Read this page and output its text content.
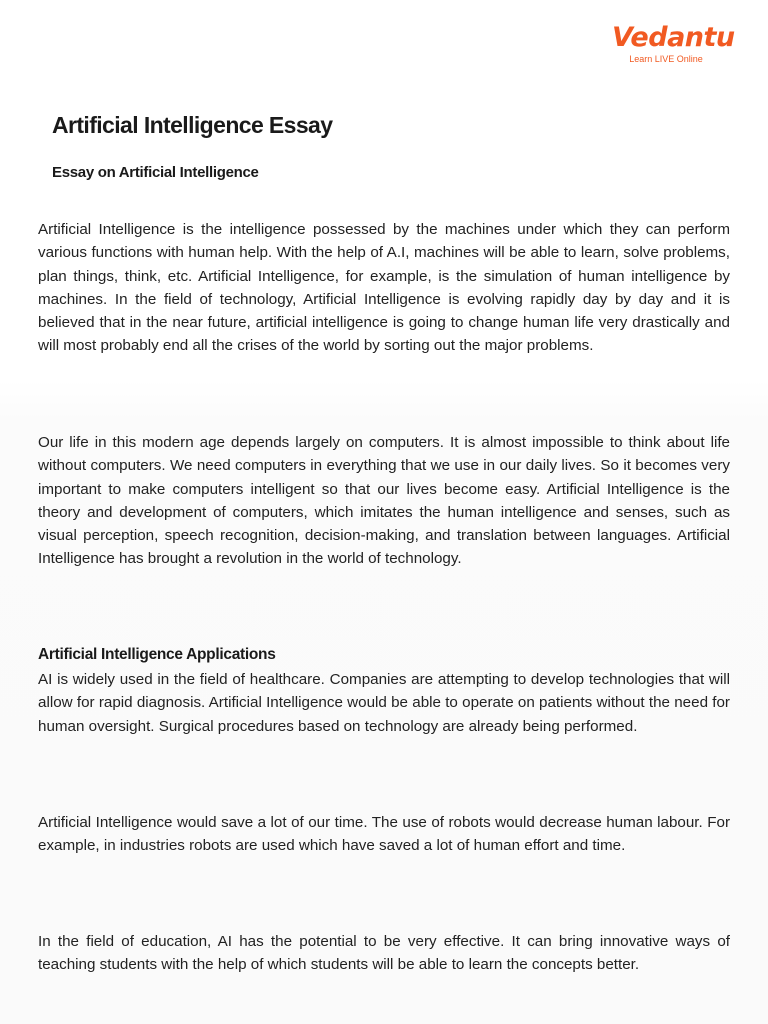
Vedantu
Learn LIVE Online
Artificial Intelligence Essay
Essay on Artificial Intelligence

Artificial Intelligence is the intelligence possessed by the machines under which they can perform various functions with human help. With the help of A.I, machines will be able to learn, solve problems, plan things, think, etc. Artificial Intelligence, for example, is the simulation of human intelligence by machines. In the field of technology, Artificial Intelligence is evolving rapidly day by day and it is believed that in the near future, artificial intelligence is going to change human life very drastically and will most probably end all the crises of the world by sorting out the major problems.

Our life in this modern age depends largely on computers. It is almost impossible to think about life without computers. We need computers in everything that we use in our daily lives. So it becomes very important to make computers intelligent so that our lives become easy. Artificial Intelligence is the theory and development of computers, which imitates the human intelligence and senses, such as visual perception, speech recognition, decision-making, and translation between languages. Artificial Intelligence has brought a revolution in the world of technology.

Artificial Intelligence Applications

AI is widely used in the field of healthcare. Companies are attempting to develop technologies that will allow for rapid diagnosis. Artificial Intelligence would be able to operate on patients without the need for human oversight. Surgical procedures based on technology are already being performed.

Artificial Intelligence would save a lot of our time. The use of robots would decrease human labour. For example, in industries robots are used which have saved a lot of human effort and time.

In the field of education, AI has the potential to be very effective. It can bring innovative ways of teaching students with the help of which students will be able to learn the concepts better.
